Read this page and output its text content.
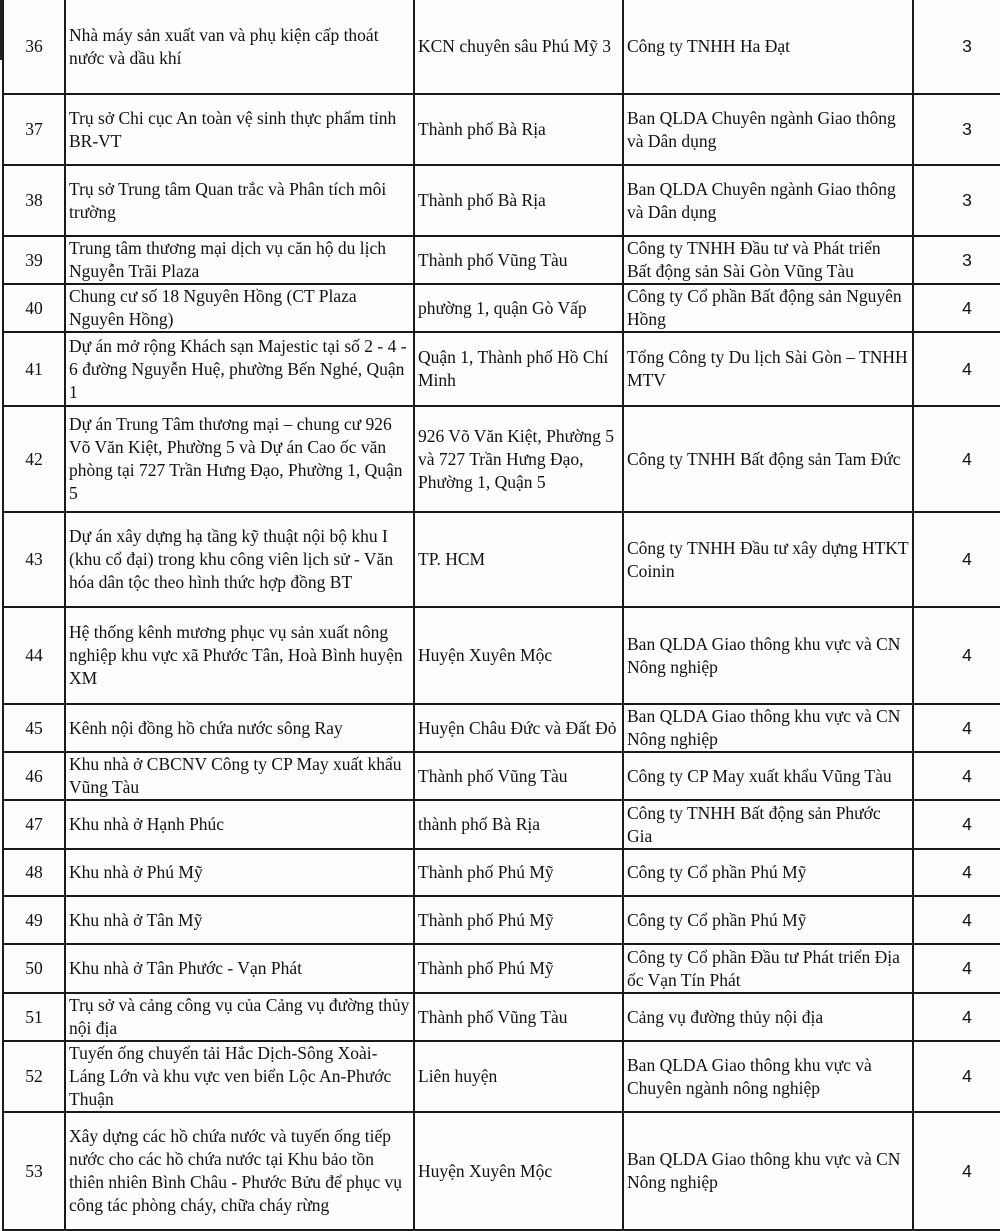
36	Nhà máy sản xuất van và phụ kiện cấp thoát nước và dầu khí	KCN chuyên sâu Phú Mỹ 3	Công ty TNHH Ha Đạt	3
37	Trụ sở Chi cục An toàn vệ sinh thực phẩm tỉnh BR-VT	Thành phố Bà Rịa	Ban QLDA Chuyên ngành Giao thông và Dân dụng	3
38	Trụ sở Trung tâm Quan trắc và Phân tích môi trường	Thành phố Bà Rịa	Ban QLDA Chuyên ngành Giao thông và Dân dụng	3
39	Trung tâm thương mại dịch vụ căn hộ du lịch Nguyễn Trãi Plaza	Thành phố Vũng Tàu	Công ty TNHH Đầu tư và Phát triển Bất động sản Sài Gòn Vũng Tàu	3
40	Chung cư số 18 Nguyên Hồng (CT Plaza Nguyên Hồng)	phường 1, quận Gò Vấp	Công ty Cổ phần Bất động sản Nguyên Hồng	4
41	Dự án mở rộng Khách sạn Majestic tại số 2 - 4 - 6 đường Nguyễn Huệ, phường Bến Nghé, Quận 1	Quận 1, Thành phố Hồ Chí Minh	Tổng Công ty Du lịch Sài Gòn – TNHH MTV	4
42	Dự án Trung Tâm thương mại – chung cư 926 Võ Văn Kiệt, Phường 5 và Dự án Cao ốc văn phòng tại 727 Trần Hưng Đạo, Phường 1, Quận 5	926 Võ Văn Kiệt, Phường 5 và 727 Trần Hưng Đạo, Phường 1, Quận 5	Công ty TNHH Bất động sản Tam Đức	4
43	Dự án xây dựng hạ tầng kỹ thuật nội bộ khu I (khu cổ đại) trong khu công viên lịch sử - Văn hóa dân tộc theo hình thức hợp đồng BT	TP. HCM	Công ty TNHH Đầu tư xây dựng HTKT Coinin	4
44	Hệ thống kênh mương phục vụ sản xuất nông nghiệp khu vực xã Phước Tân, Hoà Bình huyện XM	Huyện Xuyên Mộc	Ban QLDA Giao thông khu vực và CN Nông nghiệp	4
45	Kênh nội đồng hồ chứa nước sông Ray	Huyện Châu Đức và Đất Đỏ	Ban QLDA Giao thông khu vực và CN Nông nghiệp	4
46	Khu nhà ở CBCNV Công ty CP May xuất khẩu Vũng Tàu	Thành phố Vũng Tàu	Công ty CP May xuất khẩu Vũng Tàu	4
47	Khu nhà ở Hạnh Phúc	thành phố Bà Rịa	Công ty TNHH Bất động sản Phước Gia	4
48	Khu nhà ở Phú Mỹ	Thành phố Phú Mỹ	Công ty Cổ phần Phú Mỹ	4
49	Khu nhà ở Tân Mỹ	Thành phố Phú Mỹ	Công ty Cổ phần Phú Mỹ	4
50	Khu nhà ở Tân Phước - Vạn Phát	Thành phố Phú Mỹ	Công ty Cổ phần Đầu tư Phát triển Địa ốc Vạn Tín Phát	4
51	Trụ sở và cảng công vụ của Cảng vụ đường thủy nội địa	Thành phố Vũng Tàu	Cảng vụ đường thủy nội địa	4
52	Tuyến ống chuyển tải Hắc Dịch-Sông Xoài-Láng Lớn và khu vực ven biển Lộc An-Phước Thuận	Liên huyện	Ban QLDA Giao thông khu vực và Chuyên ngành nông nghiệp	4
53	Xây dựng các hồ chứa nước và tuyến ống tiếp nước cho các hồ chứa nước tại Khu bảo tồn thiên nhiên Bình Châu - Phước Bửu để phục vụ công tác phòng cháy, chữa cháy rừng	Huyện Xuyên Mộc	Ban QLDA Giao thông khu vực và CN Nông nghiệp	4
